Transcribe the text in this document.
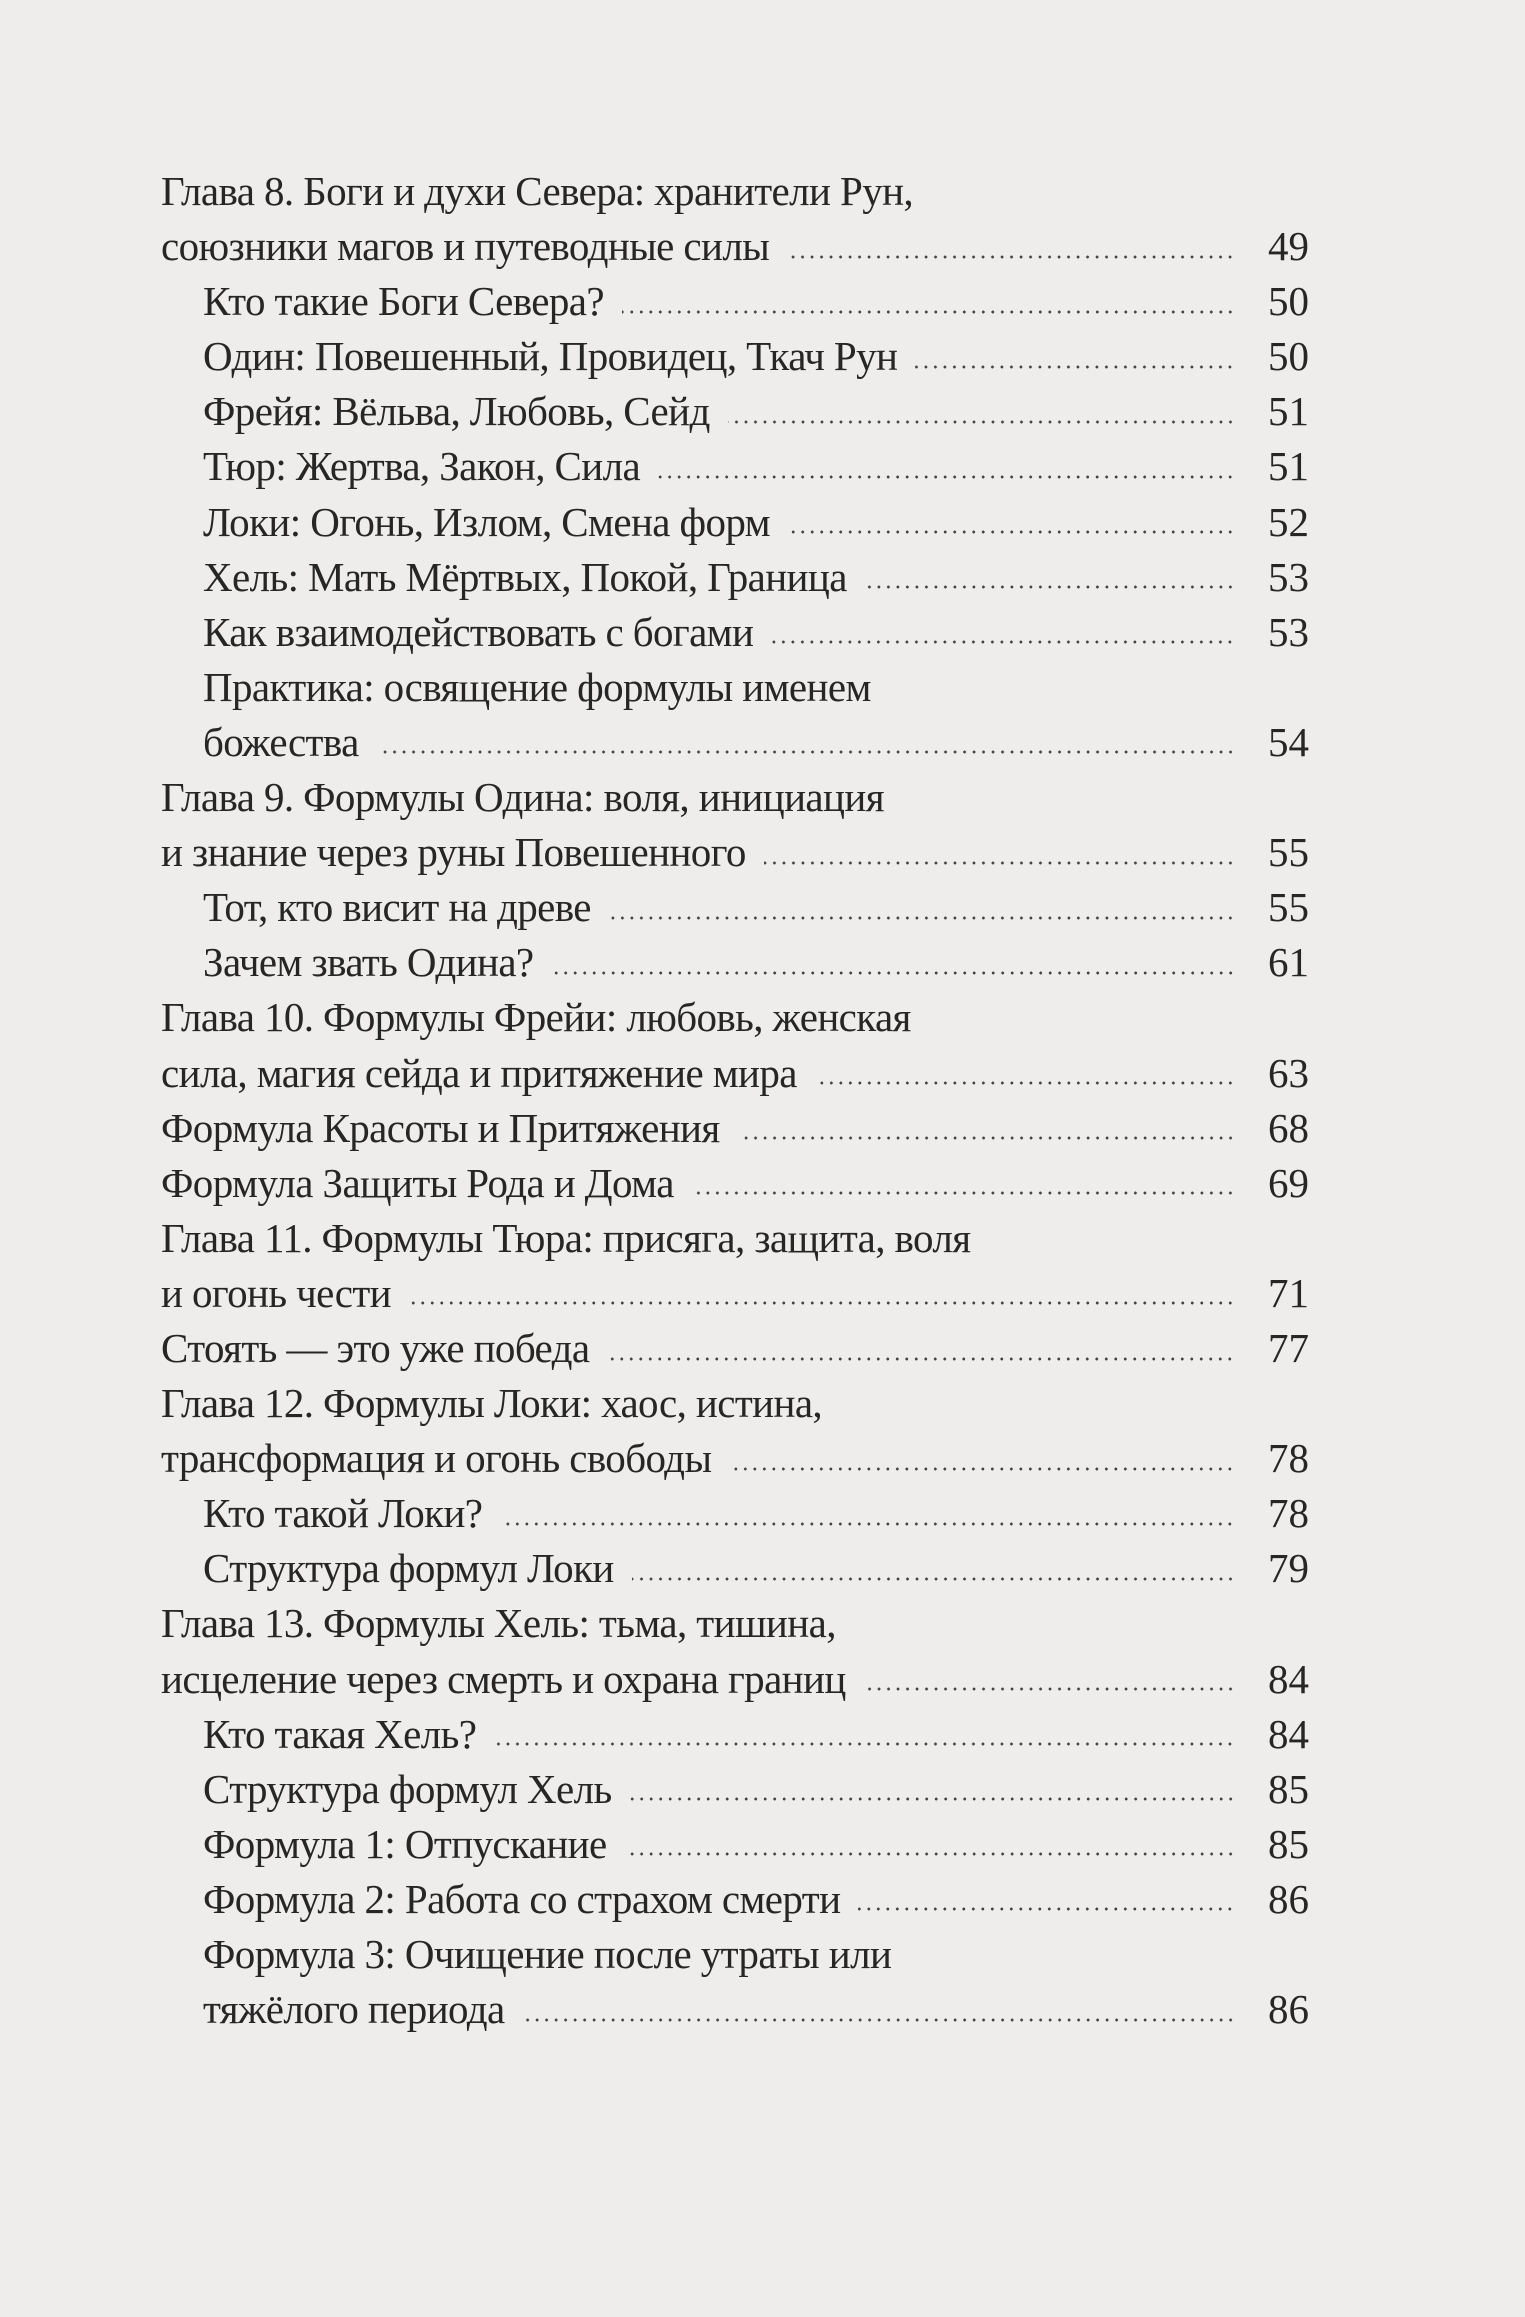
Глава 8. Боги и духи Севера: хранители Рун,
союзники магов и путеводные силы	49
Кто такие Боги Севера?	50
Один: Повешенный, Провидец, Ткач Рун	50
Фрейя: Вёльва, Любовь, Сейд	51
Тюр: Жертва, Закон, Сила	51
Локи: Огонь, Излом, Смена форм	52
Хель: Мать Мёртвых, Покой, Граница	53
Как взаимодействовать с богами	53
Практика: освящение формулы именем
божества	54
Глава 9. Формулы Одина: воля, инициация
и знание через руны Повешенного	55
Тот, кто висит на древе	55
Зачем звать Одина?	61
Глава 10. Формулы Фрейи: любовь, женская
сила, магия сейда и притяжение мира	63
Формула Красоты и Притяжения	68
Формула Защиты Рода и Дома	69
Глава 11. Формулы Тюра: присяга, защита, воля
и огонь чести	71
Стоять — это уже победа	77
Глава 12. Формулы Локи: хаос, истина,
трансформация и огонь свободы	78
Кто такой Локи?	78
Структура формул Локи	79
Глава 13. Формулы Хель: тьма, тишина,
исцеление через смерть и охрана границ	84
Кто такая Хель?	84
Структура формул Хель	85
Формула 1: Отпускание	85
Формула 2: Работа со страхом смерти	86
Формула 3: Очищение после утраты или
тяжёлого периода	86
